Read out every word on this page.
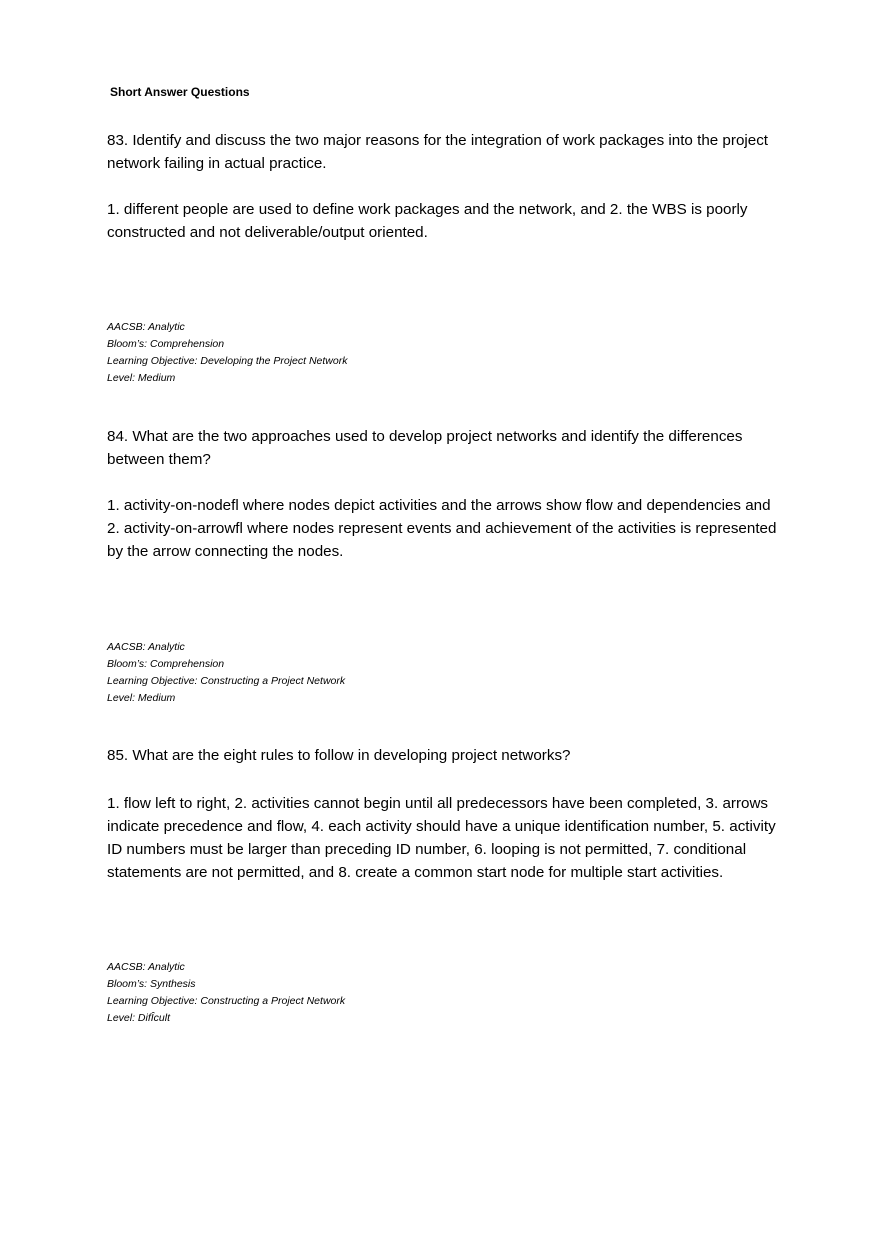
Short Answer Questions

83. Identify and discuss the two major reasons for the integration of work packages into the project network failing in actual practice.

1. different people are used to define work packages and the network, and 2. the WBS is poorly constructed and not deliverable/output oriented.

AACSB: Analytic
Bloom’s: Comprehension
Learning Objective: Developing the Project Network
Level: Medium

84. What are the two approaches used to develop project networks and identify the differences between them?

1. activity-on-nodefl where nodes depict activities and the arrows show flow and dependencies and 2. activity-on-arrowfl where nodes represent events and achievement of the activities is represented by the arrow connecting the nodes.

AACSB: Analytic
Bloom’s: Comprehension
Learning Objective: Constructing a Project Network
Level: Medium

85. What are the eight rules to follow in developing project networks?

1. flow left to right, 2. activities cannot begin until all predecessors have been completed, 3. arrows indicate precedence and flow, 4. each activity should have a unique identification number, 5. activity ID numbers must be larger than preceding ID number, 6. looping is not permitted, 7. conditional statements are not permitted, and 8. create a common start node for multiple start activities.

AACSB: Analytic
Bloom’s: Synthesis
Learning Objective: Constructing a Project Network
Level: DifÎcult
